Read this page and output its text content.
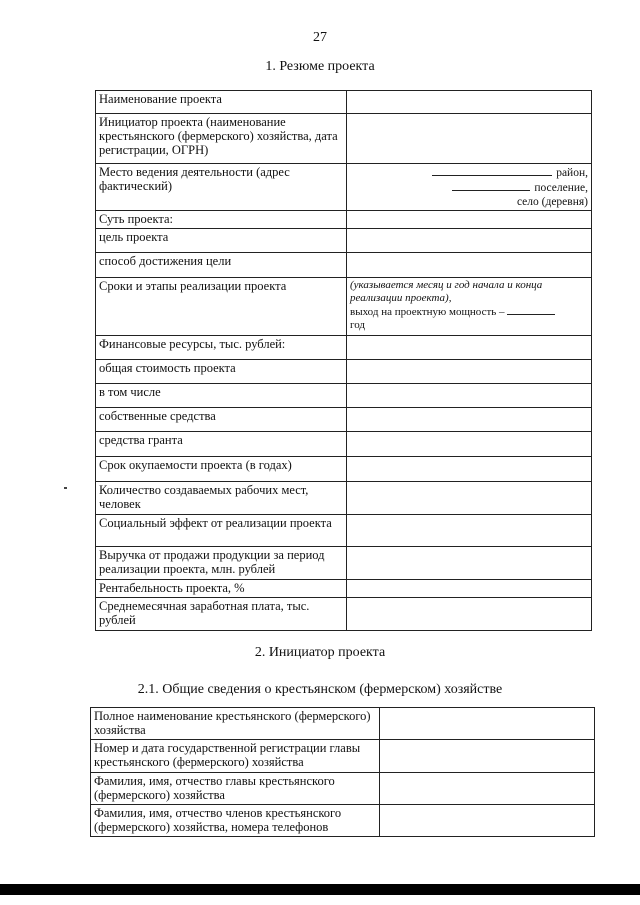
27
1. Резюме проекта
Наименование проекта	
Инициатор проекта (наименование крестьянского (фермерского) хозяйства, дата регистрации, ОГРН)	
Место ведения деятельности (адрес фактический)	район,
поселение,
село (деревня)

Суть проекта:	
цель проекта	
способ достижения цели	
Сроки и этапы реализации проекта	(указывается месяц и год начала и конца реализации проекта),
выход на проектную мощность –
год
Финансовые ресурсы, тыс. рублей:	
общая стоимость проекта	
в том числе	
собственные средства	
средства гранта	
Срок окупаемости проекта (в годах)	
Количество создаваемых рабочих мест, человек	
Социальный эффект от реализации проекта	
Выручка от продажи продукции за период реализации проекта, млн. рублей	
Рентабельность проекта, %	
Среднемесячная заработная плата, тыс. рублей	
2. Инициатор проекта
2.1. Общие сведения о крестьянском (фермерском) хозяйстве
Полное наименование крестьянского (фермерского) хозяйства	
Номер и дата государственной регистрации главы крестьянского (фермерского) хозяйства	
Фамилия, имя, отчество главы крестьянского (фермерского) хозяйства	
Фамилия, имя, отчество членов крестьянского (фермерского) хозяйства, номера телефонов	
